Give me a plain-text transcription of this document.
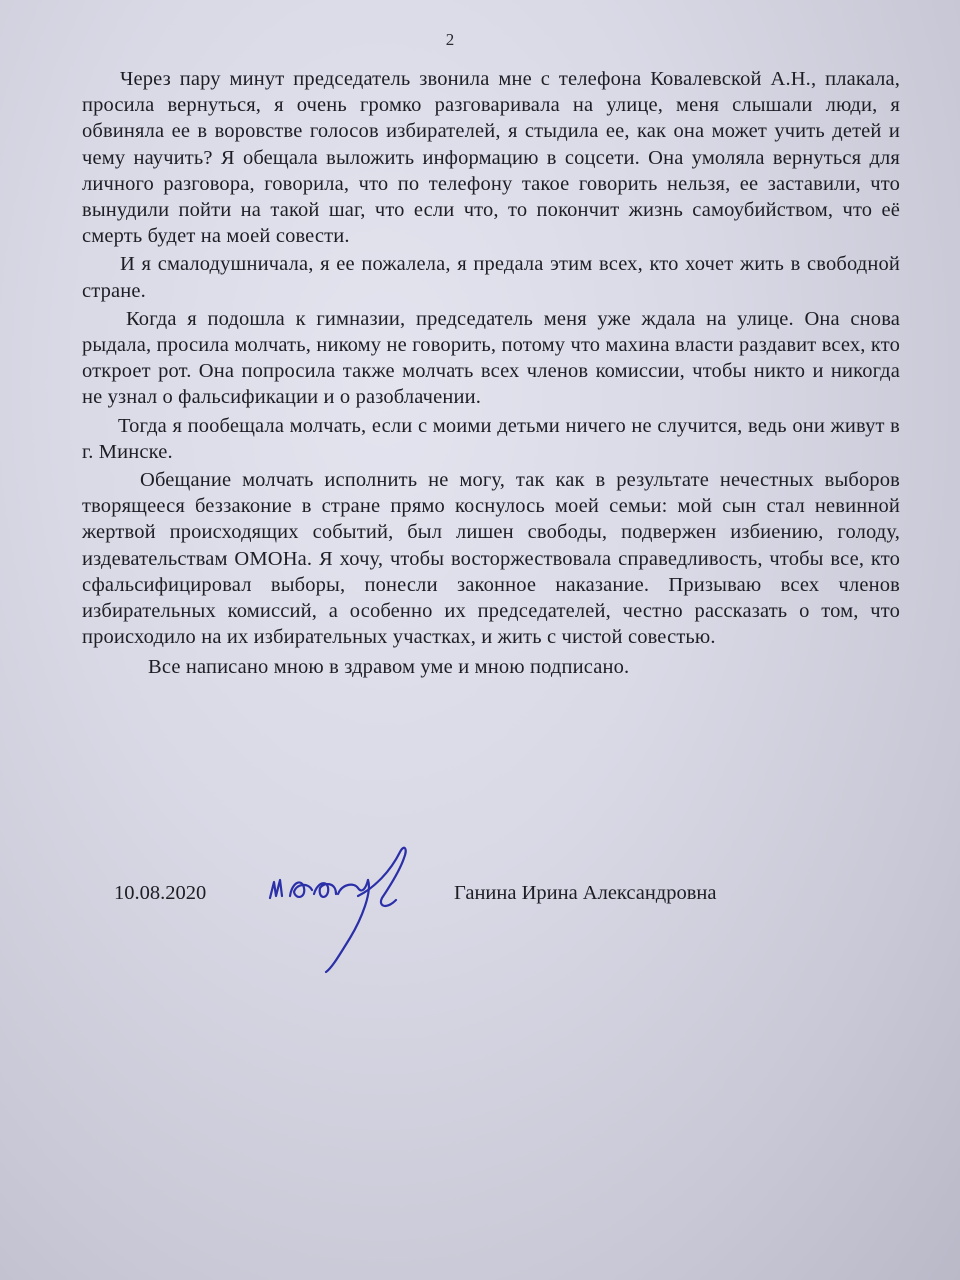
2

Через пару минут председатель звонила мне с телефона Ковалевской А.Н., плакала, просила вернуться, я очень громко разговаривала на улице, меня слышали люди, я обвиняла ее в воровстве голосов избирателей, я стыдила ее, как она может учить детей и чему научить? Я обещала выложить информацию в соцсети. Она умоляла вернуться для личного разговора, говорила, что по телефону такое говорить нельзя, ее заставили, что вынудили пойти на такой шаг, что если что, то покончит жизнь самоубийством, что её смерть будет на моей совести.

И я смалодушничала, я ее пожалела, я предала этим всех, кто хочет жить в свободной стране.

Когда я подошла к гимназии, председатель меня уже ждала на улице. Она снова рыдала, просила молчать, никому не говорить, потому что махина власти раздавит всех, кто откроет рот. Она попросила также молчать всех членов комиссии, чтобы никто и никогда не узнал о фальсификации и о разоблачении.

Тогда я пообещала молчать, если с моими детьми ничего не случится, ведь они живут в г. Минске.

Обещание молчать исполнить не могу, так как в результате нечестных выборов творящееся беззаконие в стране прямо коснулось моей семьи: мой сын стал невинной жертвой происходящих событий, был лишен свободы, подвержен избиению, голоду, издевательствам ОМОНа. Я хочу, чтобы восторжествовала справедливость, чтобы все, кто сфальсифицировал выборы, понесли законное наказание. Призываю всех членов избирательных комиссий, а особенно их председателей, честно рассказать о том, что происходило на их избирательных участках, и жить с чистой совестью.

Все написано мною в здравом уме и мною подписано.

10.08.2020	Ганина Ирина Александровна
